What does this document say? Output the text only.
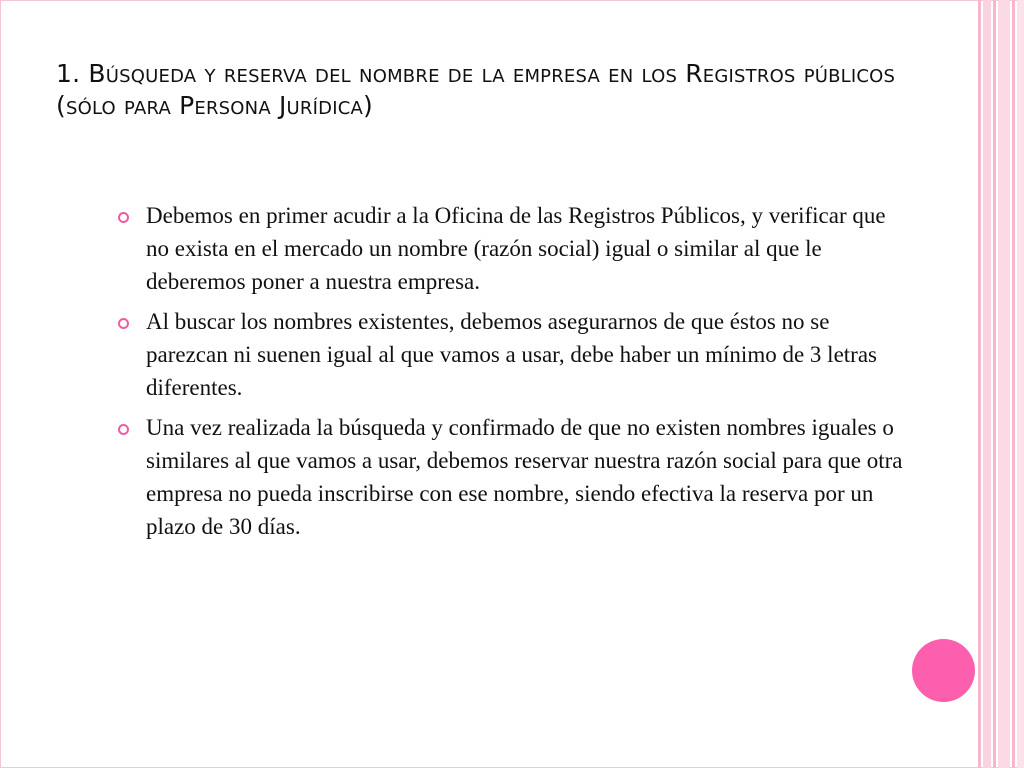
1. Búsqueda y reserva del nombre de la empresa en los Registros públicos (sólo para Persona Jurídica)
Debemos en primer acudir a la Oficina de las Registros Públicos, y verificar que no exista en el mercado un nombre (razón social) igual o similar al que le deberemos poner a nuestra empresa.
Al buscar los nombres existentes, debemos asegurarnos de que éstos no se parezcan ni suenen igual al que vamos a usar, debe haber un mínimo de 3 letras diferentes.
Una vez realizada la búsqueda y confirmado de que no existen nombres iguales o similares al que vamos a usar, debemos reservar nuestra razón social para que otra empresa no pueda inscribirse con ese nombre, siendo efectiva la reserva por un plazo de 30 días.
